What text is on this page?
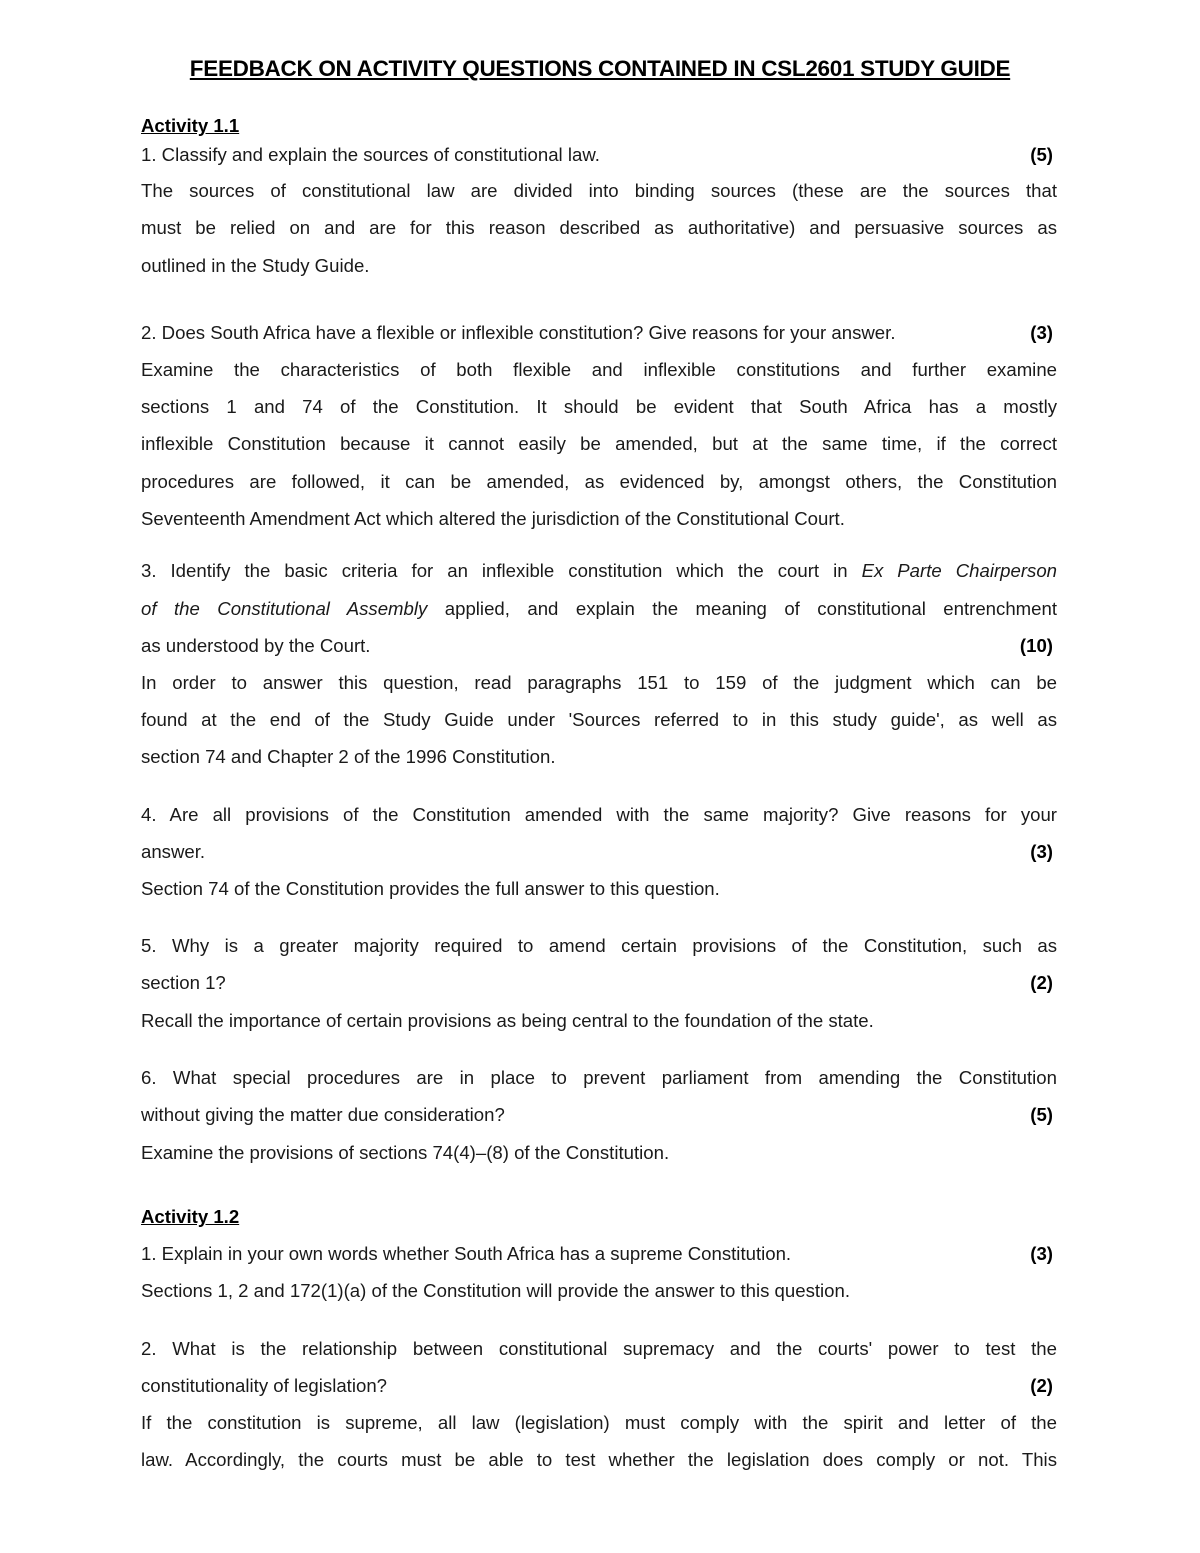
FEEDBACK ON ACTIVITY QUESTIONS CONTAINED IN CSL2601 STUDY GUIDE
Activity 1.1
1. Classify and explain the sources of constitutional law.	(5)
The sources of constitutional law are divided into binding sources (these are the sources that
must be relied on and are for this reason described as authoritative) and persuasive sources as
outlined in the Study Guide.
2. Does South Africa have a flexible or inflexible constitution? Give reasons for your answer.	(3)
Examine the characteristics of both flexible and inflexible constitutions and further examine
sections 1 and 74 of the Constitution. It should be evident that South Africa has a mostly
inflexible Constitution because it cannot easily be amended, but at the same time, if the correct
procedures are followed, it can be amended, as evidenced by, amongst others, the Constitution
Seventeenth Amendment Act which altered the jurisdiction of the Constitutional Court.
3. Identify the basic criteria for an inflexible constitution which the court in Ex Parte Chairperson
of the Constitutional Assembly applied, and explain the meaning of constitutional entrenchment
as understood by the Court.	(10)
In order to answer this question, read paragraphs 151 to 159 of the judgment which can be
found at the end of the Study Guide under 'Sources referred to in this study guide', as well as
section 74 and Chapter 2 of the 1996 Constitution.
4. Are all provisions of the Constitution amended with the same majority? Give reasons for your
answer.	(3)
Section 74 of the Constitution provides the full answer to this question.
5. Why is a greater majority required to amend certain provisions of the Constitution, such as
section 1?	(2)
Recall the importance of certain provisions as being central to the foundation of the state.
6. What special procedures are in place to prevent parliament from amending the Constitution
without giving the matter due consideration?	(5)
Examine the provisions of sections 74(4)–(8) of the Constitution.
Activity 1.2
1. Explain in your own words whether South Africa has a supreme Constitution.	(3)
Sections 1, 2 and 172(1)(a) of the Constitution will provide the answer to this question.
2. What is the relationship between constitutional supremacy and the courts' power to test the
constitutionality of legislation?	(2)
If the constitution is supreme, all law (legislation) must comply with the spirit and letter of the
law. Accordingly, the courts must be able to test whether the legislation does comply or not. This
